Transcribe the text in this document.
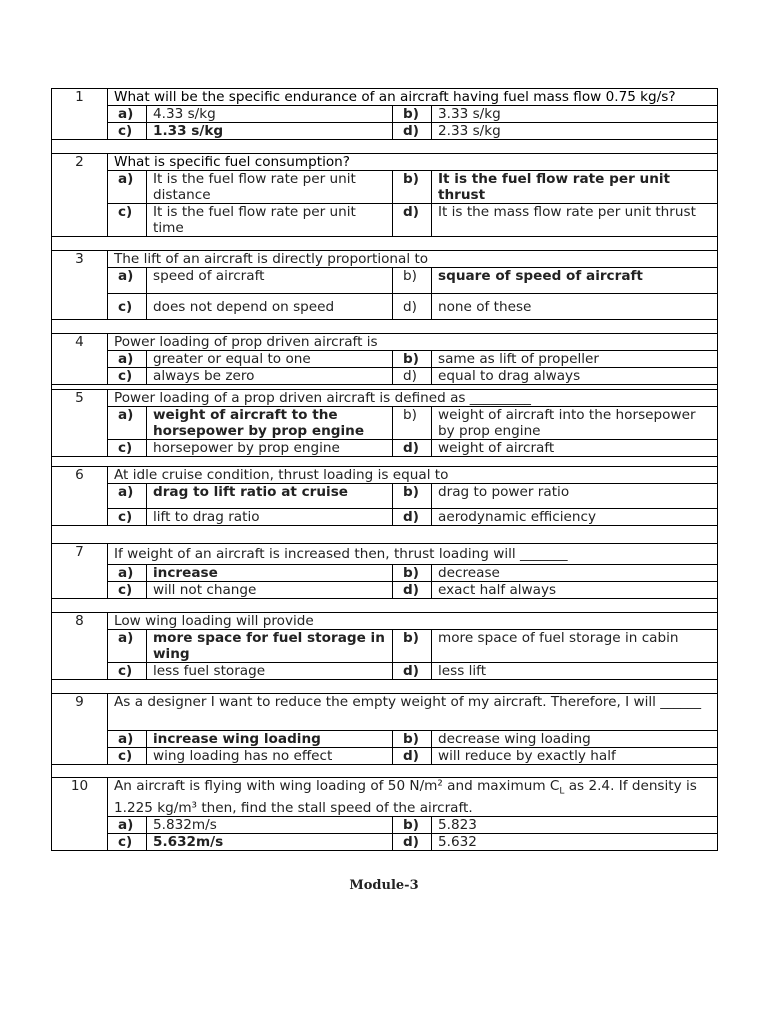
1	What will be the specific endurance of an aircraft having fuel mass flow 0.75 kg/s?			
	a)	4.33 s/kg	b)	3.33 s/kg
	c)	1.33 s/kg	d)	2.33 s/kg

2	What is specific fuel consumption?			
	a)	It is the fuel flow rate per unit distance	b)	It is the fuel flow rate per unit thrust
	c)	It is the fuel flow rate per unit time	d)	It is the mass flow rate per unit thrust

3	The lift of an aircraft is directly proportional to			
	a)	speed of aircraft	b)	square of speed of aircraft
	c)	does not depend on speed	d)	none of these

4	Power loading of prop driven aircraft is			
	a)	greater or equal to one	b)	same as lift of propeller
	c)	always be zero	d)	equal to drag always

5	Power loading of a prop driven aircraft is defined as _________			
	a)	weight of aircraft to the horsepower by prop engine	b)	weight of aircraft into the horsepower by prop engine
	c)	horsepower by prop engine	d)	weight of aircraft

6	At idle cruise condition, thrust loading is equal to			
	a)	drag to lift ratio at cruise	b)	drag to power ratio
	c)	lift to drag ratio	d)	aerodynamic efficiency

7	If weight of an aircraft is increased then, thrust loading will _______			
	a)	increase	b)	decrease
	c)	will not change	d)	exact half always

8	Low wing loading will provide			
	a)	more space for fuel storage in wing	b)	more space of fuel storage in cabin
	c)	less fuel storage	d)	less lift

9	As a designer I want to reduce the empty weight of my aircraft. Therefore, I will ______			
	a)	increase wing loading	b)	decrease wing loading
	c)	wing loading has no effect	d)	will reduce by exactly half

10	An aircraft is flying with wing loading of 50 N/m² and maximum $C_L$ as 2.4. If density is 1.225 kg/m³ then, find the stall speed of the aircraft.			
	a)	5.832m/s	b)	5.823
	c)	5.632m/s	d)	5.632
Module-3
